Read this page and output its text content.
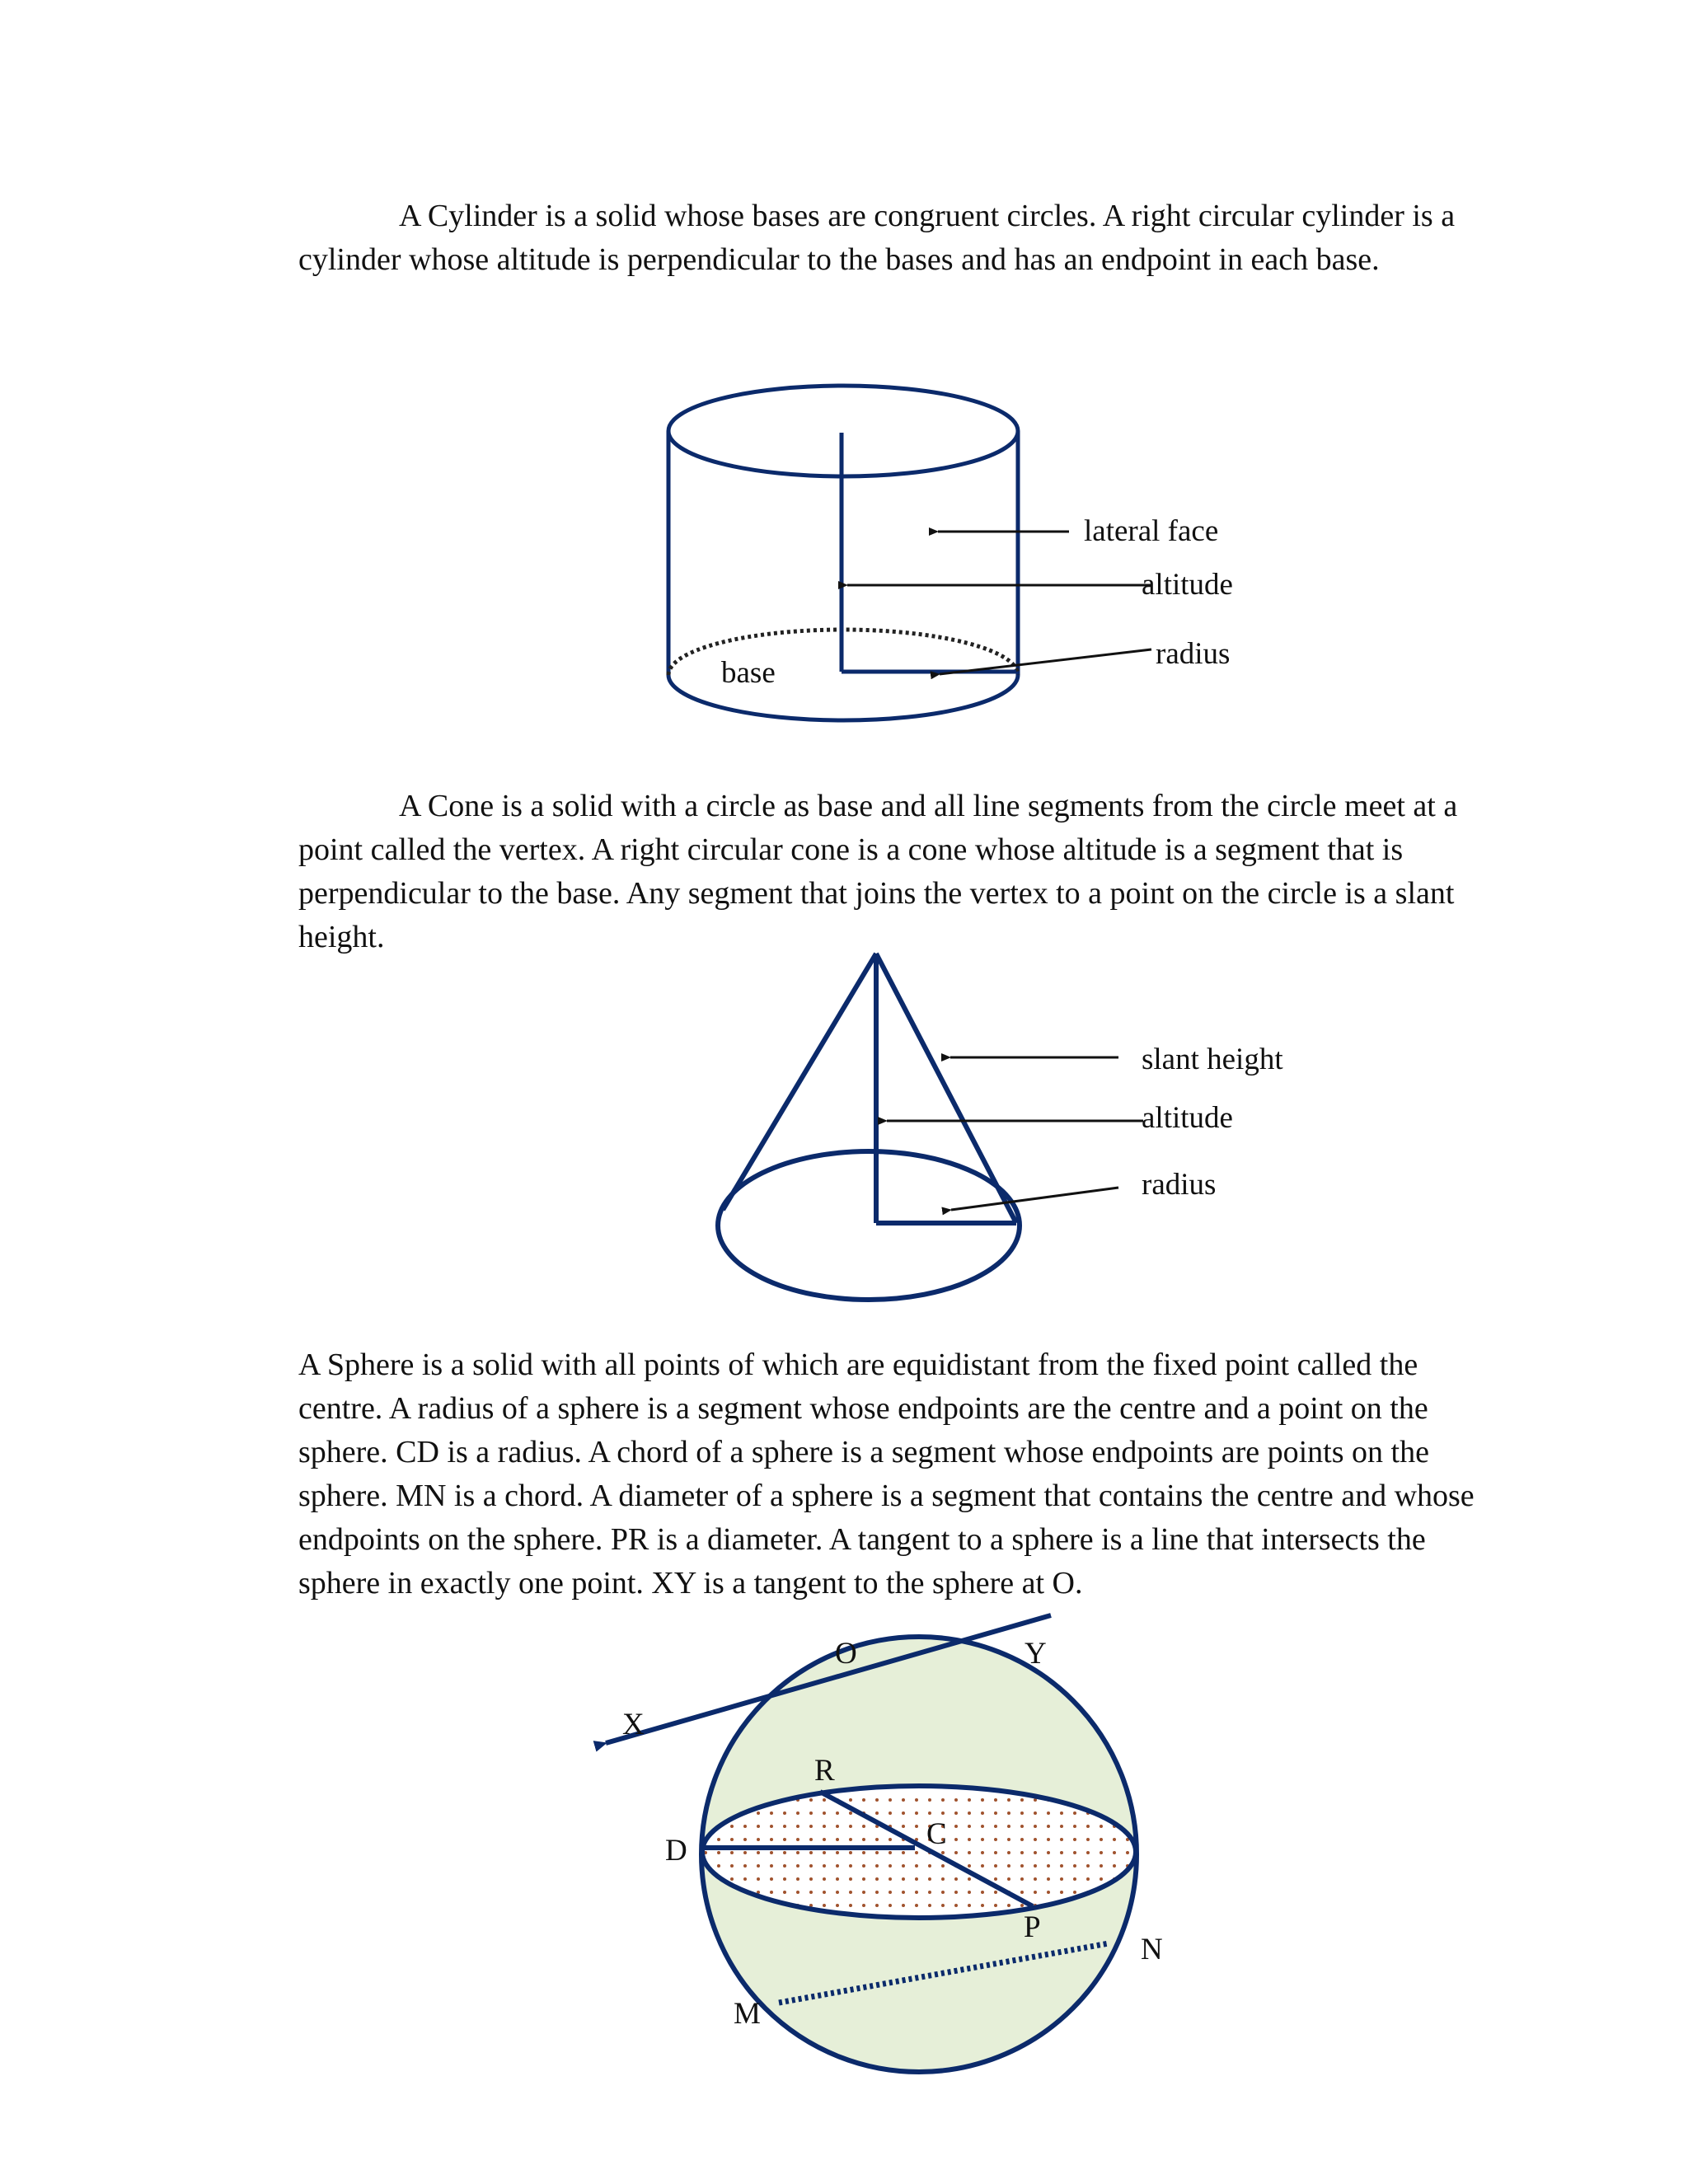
A Cylinder is a solid whose bases are congruent circles. A right circular cylinder is a cylinder whose altitude is perpendicular to the bases and has an endpoint in each base.

lateral face
altitude
radius
base

A Cone is a solid with a circle as base and all line segments from the circle meet at a point called the vertex. A right circular cone is a cone whose altitude is a segment that is perpendicular to the base. Any segment that joins the vertex to a point on the circle is a slant height.

slant height
altitude
radius

A Sphere is a solid with all points of which are equidistant from the fixed point called the centre. A radius of a sphere is a segment whose endpoints are the centre and a point on the sphere. CD is a radius. A chord of a sphere is a segment whose endpoints are points on the sphere. MN is a chord. A diameter of a sphere is a segment that contains the centre and whose endpoints on the sphere. PR is a diameter. A tangent to a sphere is a line that intersects the sphere in exactly one point. XY is a tangent to the sphere at O.

O	Y
X
R
C
D
P
N
M
